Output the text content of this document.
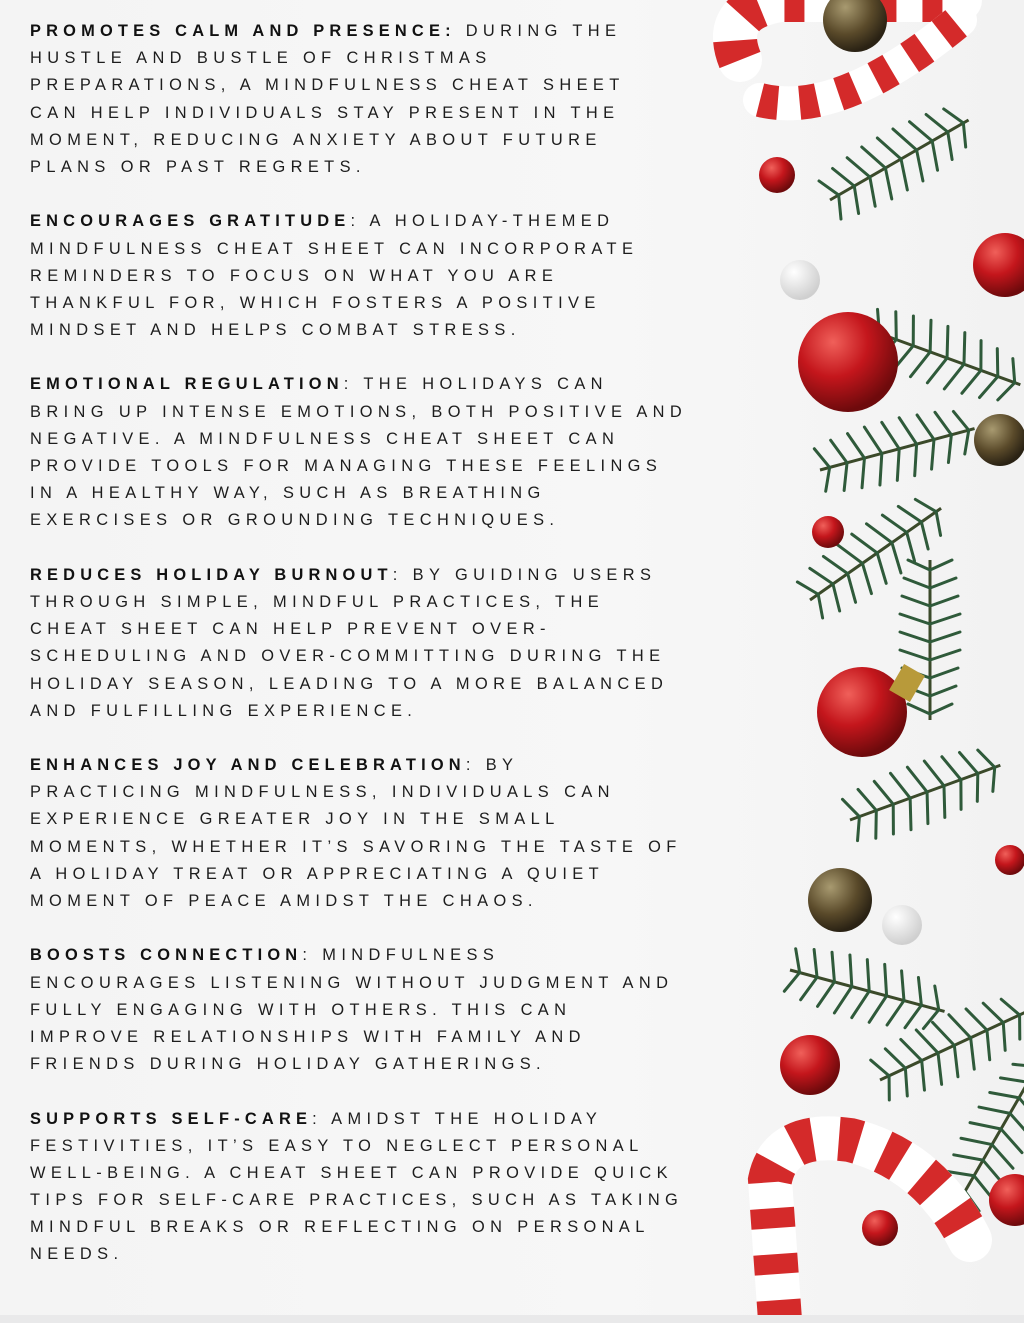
PROMOTES CALM AND PRESENCE: DURING THE
HUSTLE AND BUSTLE OF CHRISTMAS
PREPARATIONS, A MINDFULNESS CHEAT SHEET
CAN HELP INDIVIDUALS STAY PRESENT IN THE
MOMENT, REDUCING ANXIETY ABOUT FUTURE
PLANS OR PAST REGRETS.
ENCOURAGES GRATITUDE: A HOLIDAY-THEMED
MINDFULNESS CHEAT SHEET CAN INCORPORATE
REMINDERS TO FOCUS ON WHAT YOU ARE
THANKFUL FOR, WHICH FOSTERS A POSITIVE
MINDSET AND HELPS COMBAT STRESS.
EMOTIONAL REGULATION: THE HOLIDAYS CAN
BRING UP INTENSE EMOTIONS, BOTH POSITIVE AND
NEGATIVE. A MINDFULNESS CHEAT SHEET CAN
PROVIDE TOOLS FOR MANAGING THESE FEELINGS
IN A HEALTHY WAY, SUCH AS BREATHING
EXERCISES OR GROUNDING TECHNIQUES.
REDUCES HOLIDAY BURNOUT: BY GUIDING USERS
THROUGH SIMPLE, MINDFUL PRACTICES, THE
CHEAT SHEET CAN HELP PREVENT OVER-
SCHEDULING AND OVER-COMMITTING DURING THE
HOLIDAY SEASON, LEADING TO A MORE BALANCED
AND FULFILLING EXPERIENCE.
ENHANCES JOY AND CELEBRATION: BY
PRACTICING MINDFULNESS, INDIVIDUALS CAN
EXPERIENCE GREATER JOY IN THE SMALL
MOMENTS, WHETHER IT’S SAVORING THE TASTE OF
A HOLIDAY TREAT OR APPRECIATING A QUIET
MOMENT OF PEACE AMIDST THE CHAOS.
BOOSTS CONNECTION: MINDFULNESS
ENCOURAGES LISTENING WITHOUT JUDGMENT AND
FULLY ENGAGING WITH OTHERS. THIS CAN
IMPROVE RELATIONSHIPS WITH FAMILY AND
FRIENDS DURING HOLIDAY GATHERINGS.
SUPPORTS SELF-CARE: AMIDST THE HOLIDAY
FESTIVITIES, IT’S EASY TO NEGLECT PERSONAL
WELL-BEING. A CHEAT SHEET CAN PROVIDE QUICK
TIPS FOR SELF-CARE PRACTICES, SUCH AS TAKING
MINDFUL BREAKS OR REFLECTING ON PERSONAL
NEEDS.
